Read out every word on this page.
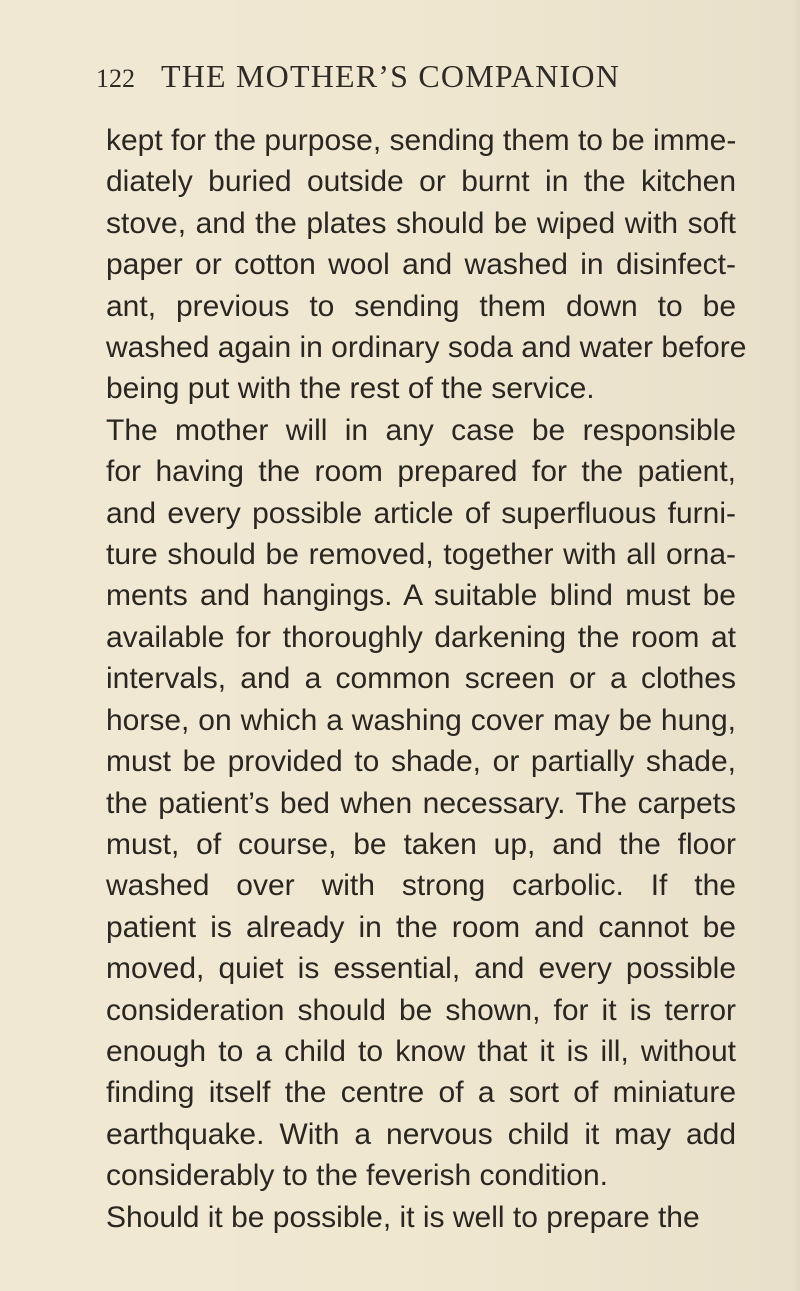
122 THE MOTHER’S COMPANION
kept for the purpose, sending them to be imme-
diately buried outside or burnt in the kitchen
stove, and the plates should be wiped with soft
paper or cotton wool and washed in disinfect-
ant, previous to sending them down to be
washed again in ordinary soda and water before
being put with the rest of the service.
The mother will in any case be responsible
for having the room prepared for the patient,
and every possible article of superfluous furni-
ture should be removed, together with all orna-
ments and hangings. A suitable blind must be
available for thoroughly darkening the room at
intervals, and a common screen or a clothes
horse, on which a washing cover may be hung,
must be provided to shade, or partially shade,
the patient’s bed when necessary. The carpets
must, of course, be taken up, and the floor
washed over with strong carbolic. If the
patient is already in the room and cannot be
moved, quiet is essential, and every possible
consideration should be shown, for it is terror
enough to a child to know that it is ill, without
finding itself the centre of a sort of miniature
earthquake. With a nervous child it may add
considerably to the feverish condition.
Should it be possible, it is well to prepare the
